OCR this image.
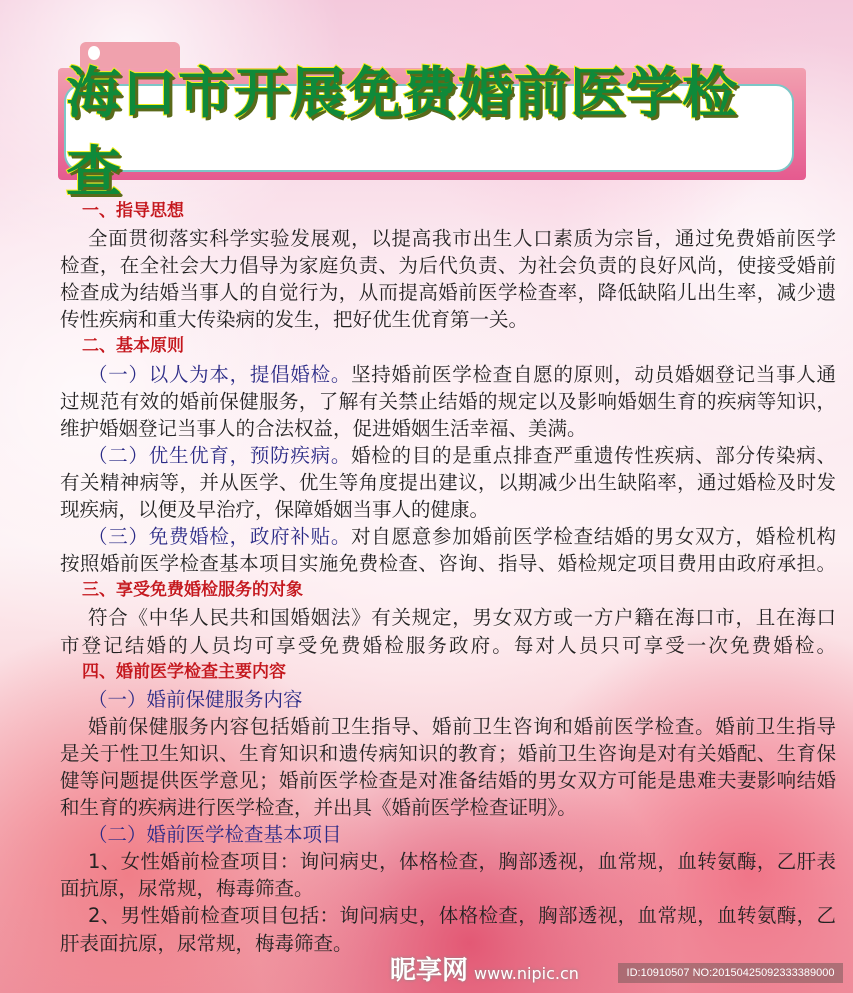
海口市开展免费婚前医学检查
一、指导思想
全面贯彻落实科学实验发展观，以提高我市出生人口素质为宗旨，通过免费婚前医学
检查，在全社会大力倡导为家庭负责、为后代负责、为社会负责的良好风尚，使接受婚前
检查成为结婚当事人的自觉行为，从而提高婚前医学检查率，降低缺陷儿出生率，减少遗
传性疾病和重大传染病的发生，把好优生优育第一关。
二、基本原则
（一）以人为本，提倡婚检。坚持婚前医学检查自愿的原则，动员婚姻登记当事人通
过规范有效的婚前保健服务，了解有关禁止结婚的规定以及影响婚姻生育的疾病等知识，
维护婚姻登记当事人的合法权益，促进婚姻生活幸福、美满。
（二）优生优育，预防疾病。婚检的目的是重点排查严重遗传性疾病、部分传染病、
有关精神病等，并从医学、优生等角度提出建议，以期减少出生缺陷率，通过婚检及时发
现疾病，以便及早治疗，保障婚姻当事人的健康。
（三）免费婚检，政府补贴。对自愿意参加婚前医学检查结婚的男女双方，婚检机构
按照婚前医学检查基本项目实施免费检查、咨询、指导、婚检规定项目费用由政府承担。
三、享受免费婚检服务的对象
符合《中华人民共和国婚姻法》有关规定，男女双方或一方户籍在海口市，且在海口
市登记结婚的人员均可享受免费婚检服务政府。每对人员只可享受一次免费婚检。
四、婚前医学检查主要内容
（一）婚前保健服务内容
婚前保健服务内容包括婚前卫生指导、婚前卫生咨询和婚前医学检查。婚前卫生指导
是关于性卫生知识、生育知识和遗传病知识的教育；婚前卫生咨询是对有关婚配、生育保
健等问题提供医学意见；婚前医学检查是对准备结婚的男女双方可能是患难夫妻影响结婚
和生育的疾病进行医学检查，并出具《婚前医学检查证明》。
（二）婚前医学检查基本项目
1、女性婚前检查项目：询问病史，体格检查，胸部透视，血常规，血转氨酶，乙肝表
面抗原，尿常规，梅毒筛查。
2、男性婚前检查项目包括：询问病史，体格检查，胸部透视，血常规，血转氨酶，乙
肝表面抗原，尿常规，梅毒筛查。
昵享网 www.nipic.cn	ID:10910507 NO:20150425092333389000
